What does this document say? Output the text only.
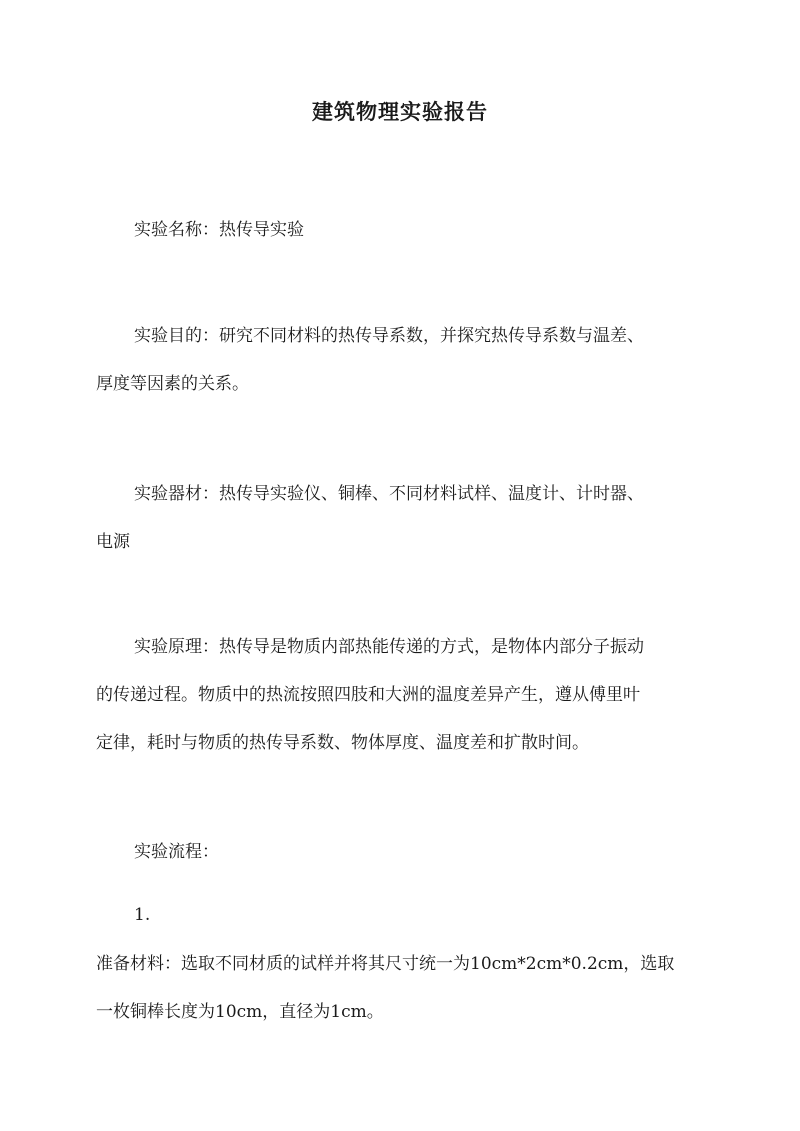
建筑物理实验报告
实验名称：热传导实验
实验目的：研究不同材料的热传导系数，并探究热传导系数与温差、
厚度等因素的关系。
实验器材：热传导实验仪、铜棒、不同材料试样、温度计、计时器、
电源
实验原理：热传导是物质内部热能传递的方式，是物体内部分子振动
的传递过程。物质中的热流按照四肢和大洲的温度差异产生，遵从傅里叶
定律，耗时与物质的热传导系数、物体厚度、温度差和扩散时间。
实验流程：
1.
准备材料：选取不同材质的试样并将其尺寸统一为10cm*2cm*0.2cm，选取
一枚铜棒长度为10cm，直径为1cm。
